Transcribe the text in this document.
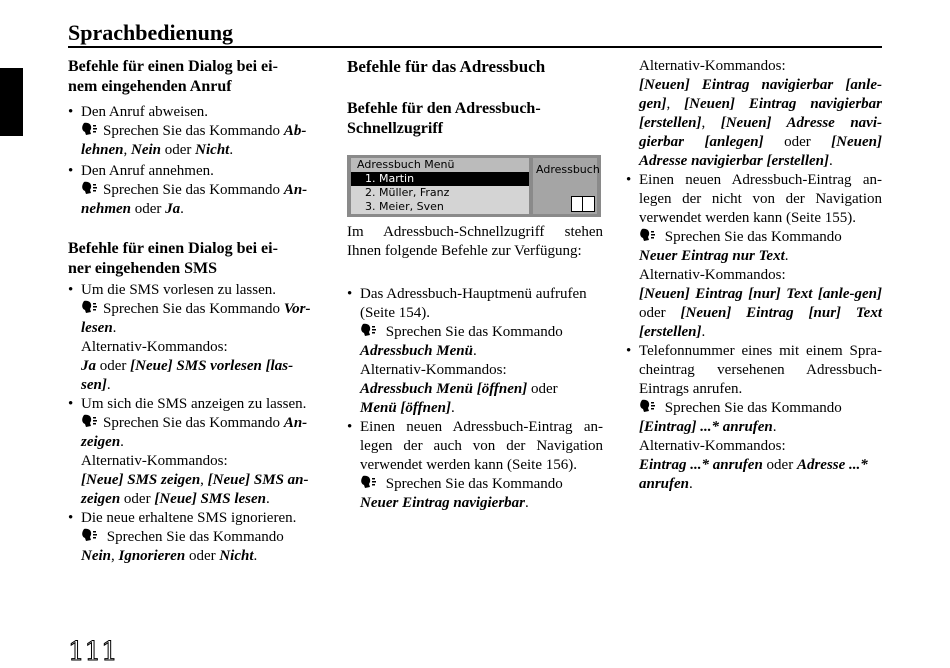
Sprachbedienung
Befehle für einen Dialog bei ei-
nem eingehenden Anruf
• Den Anruf abweisen.
Sprechen Sie das Kommando Ab-
lehnen, Nein oder Nicht.
• Den Anruf annehmen.
Sprechen Sie das Kommando An-
nehmen oder Ja.
Befehle für einen Dialog bei ei-
ner eingehenden SMS
• Um die SMS vorlesen zu lassen.
Sprechen Sie das Kommando Vor-
lesen.
Alternativ-Kommandos:
Ja oder [Neue] SMS vorlesen [las-
sen].
• Um sich die SMS anzeigen zu lassen.
Sprechen Sie das Kommando An-
zeigen.
Alternativ-Kommandos:
[Neue] SMS zeigen, [Neue] SMS an-
zeigen oder [Neue] SMS lesen.
• Die neue erhaltene SMS ignorieren.
Sprechen Sie das Kommando
Nein, Ignorieren oder Nicht.
Befehle für das Adressbuch
Befehle für den Adressbuch-
Schnellzugriff
Adressbuch Menü
1. Martin
2. Müller, Franz
3. Meier, Sven
Adressbuch
Im Adressbuch-Schnellzugriff stehen Ihnen folgende Befehle zur Verfügung:
• Das Adressbuch-Hauptmenü aufrufen (Seite 154).
Sprechen Sie das Kommando
Adressbuch Menü.
Alternativ-Kommandos:
Adressbuch Menü [öffnen] oder
Menü [öffnen].
• Einen neuen Adressbuch-Eintrag an-legen der auch von der Navigation verwendet werden kann (Seite 156).
Sprechen Sie das Kommando
Neuer Eintrag navigierbar.
Alternativ-Kommandos:
[Neuen] Eintrag navigierbar [anle-gen], [Neuen] Eintrag navigierbar [erstellen], [Neuen] Adresse navi-gierbar [anlegen] oder [Neuen] Adresse navigierbar [erstellen].
• Einen neuen Adressbuch-Eintrag an-legen der nicht von der Navigation verwendet werden kann (Seite 155).
Sprechen Sie das Kommando
Neuer Eintrag nur Text.
Alternativ-Kommandos:
[Neuen] Eintrag [nur] Text [anle-gen] oder [Neuen] Eintrag [nur] Text [erstellen].
• Telefonnummer eines mit einem Spra-cheintrag versehenen Adressbuch-Eintrags anrufen.
Sprechen Sie das Kommando
[Eintrag] ...* anrufen.
Alternativ-Kommandos:
Eintrag ...* anrufen oder Adresse ...* anrufen.
111
